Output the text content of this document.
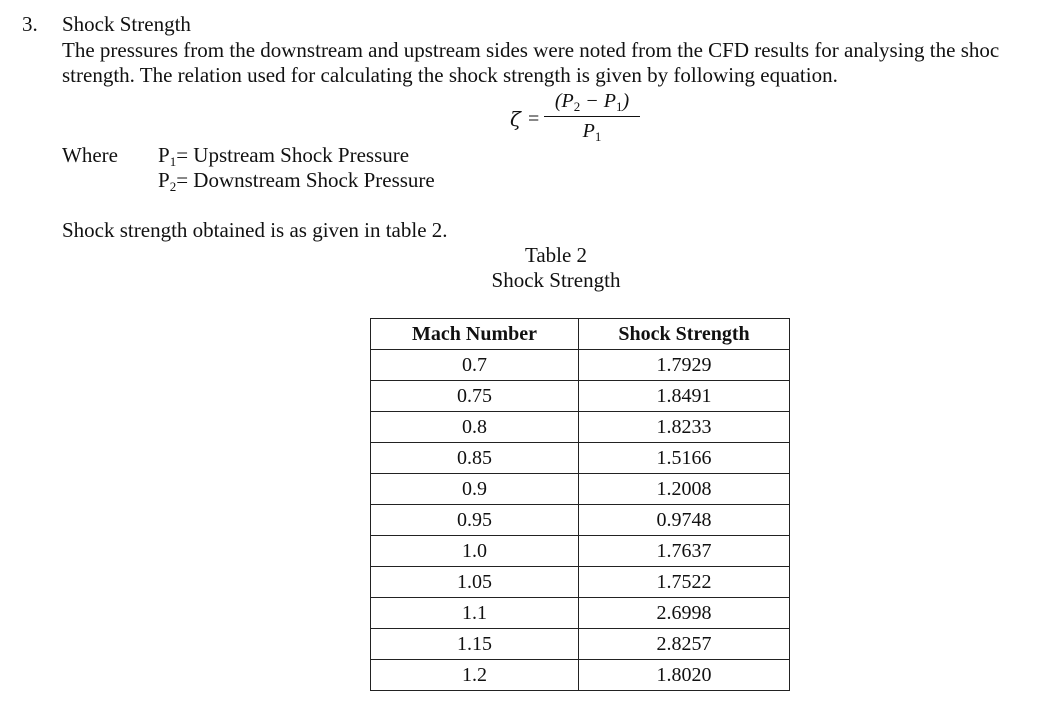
3. Shock Strength
The pressures from the downstream and upstream sides were noted from the CFD results for analysing the shoc
strength. The relation used for calculating the shock strength is given by following equation.
ζ =
$(P_2 - P_1)$
$P_1$
Where P1= Upstream Shock Pressure
P2= Downstream Shock Pressure
Shock strength obtained is as given in table 2.
Table 2
Shock Strength
Mach Number	Shock Strength
0.7	1.7929
0.75	1.8491
0.8	1.8233
0.85	1.5166
0.9	1.2008
0.95	0.9748
1.0	1.7637
1.05	1.7522
1.1	2.6998
1.15	2.8257
1.2	1.8020
